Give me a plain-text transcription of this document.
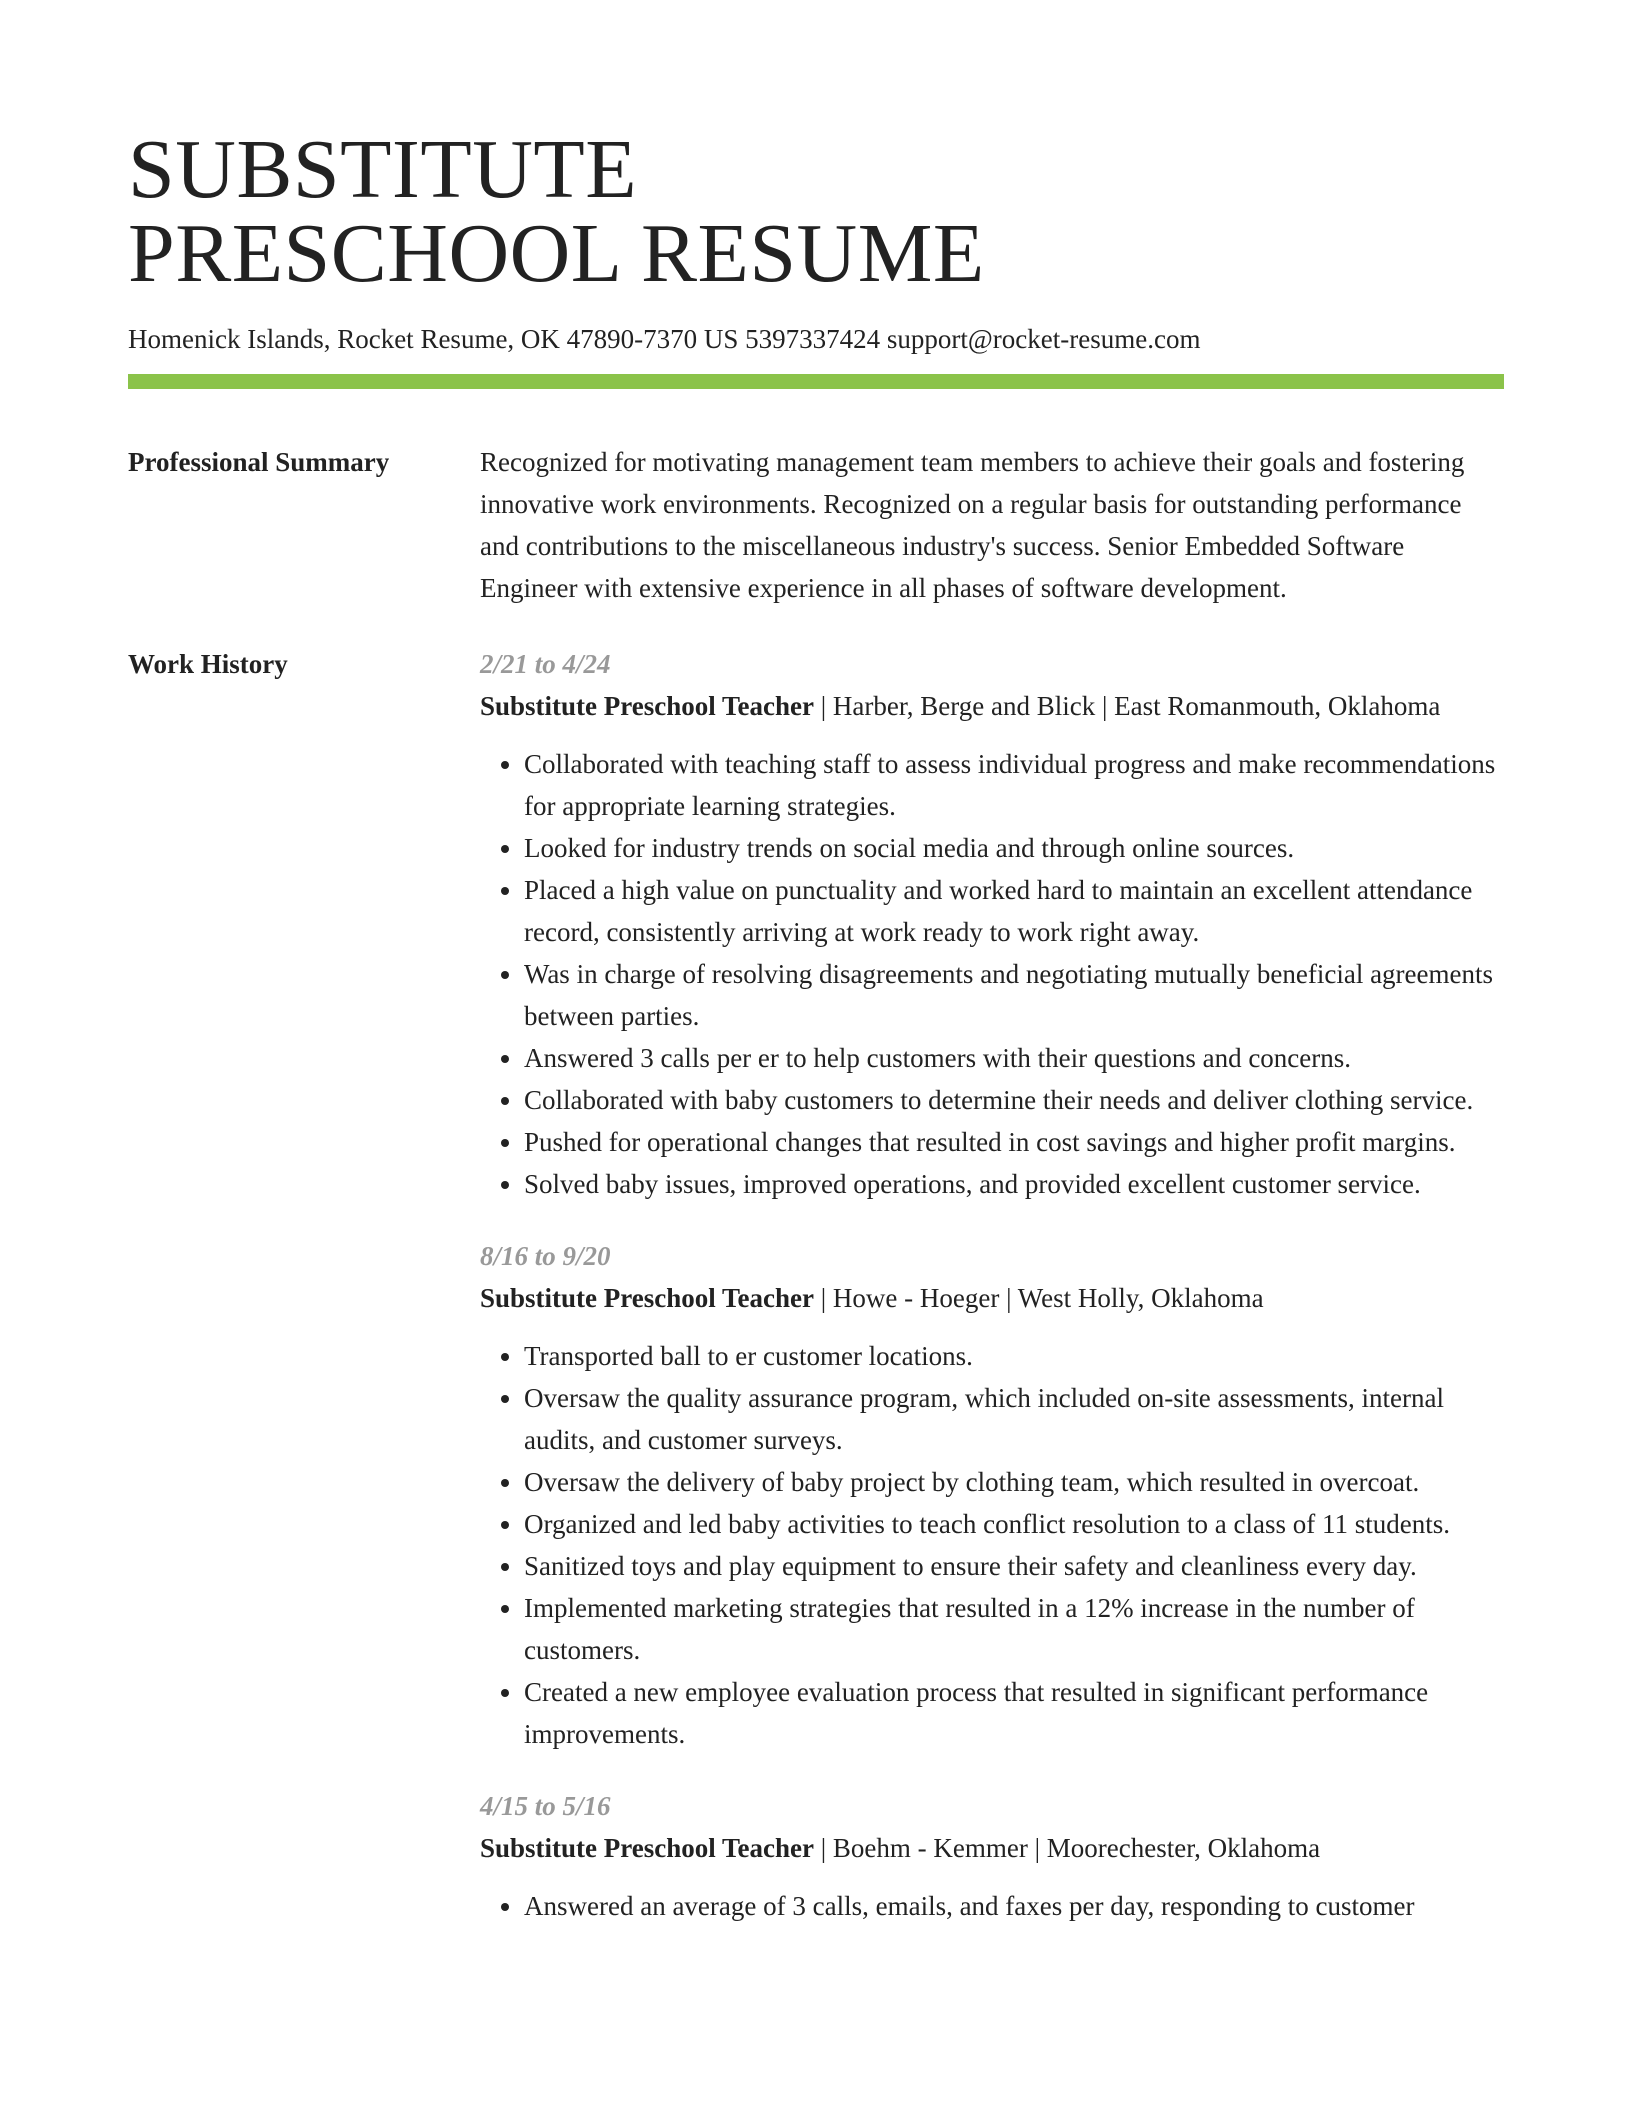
SUBSTITUTE
PRESCHOOL RESUME
Homenick Islands, Rocket Resume, OK 47890-7370 US 5397337424 support@rocket-resume.com
Professional Summary	Recognized for motivating management team members to achieve their goals and fostering innovative work environments. Recognized on a regular basis for outstanding performance and contributions to the miscellaneous industry's success. Senior Embedded Software Engineer with extensive experience in all phases of software development.

Work History	2/21 to 4/24
Substitute Preschool Teacher | Harber, Berge and Blick | East Romanmouth, Oklahoma
• Collaborated with teaching staff to assess individual progress and make recommendations for appropriate learning strategies.
• Looked for industry trends on social media and through online sources.
• Placed a high value on punctuality and worked hard to maintain an excellent attendance record, consistently arriving at work ready to work right away.
• Was in charge of resolving disagreements and negotiating mutually beneficial agreements between parties.
• Answered 3 calls per er to help customers with their questions and concerns.
• Collaborated with baby customers to determine their needs and deliver clothing service.
• Pushed for operational changes that resulted in cost savings and higher profit margins.
• Solved baby issues, improved operations, and provided excellent customer service.
8/16 to 9/20
Substitute Preschool Teacher | Howe - Hoeger | West Holly, Oklahoma
• Transported ball to er customer locations.
• Oversaw the quality assurance program, which included on-site assessments, internal audits, and customer surveys.
• Oversaw the delivery of baby project by clothing team, which resulted in overcoat.
• Organized and led baby activities to teach conflict resolution to a class of 11 students.
• Sanitized toys and play equipment to ensure their safety and cleanliness every day.
• Implemented marketing strategies that resulted in a 12% increase in the number of customers.
• Created a new employee evaluation process that resulted in significant performance improvements.
4/15 to 5/16
Substitute Preschool Teacher | Boehm - Kemmer | Moorechester, Oklahoma
• Answered an average of 3 calls, emails, and faxes per day, responding to customer
